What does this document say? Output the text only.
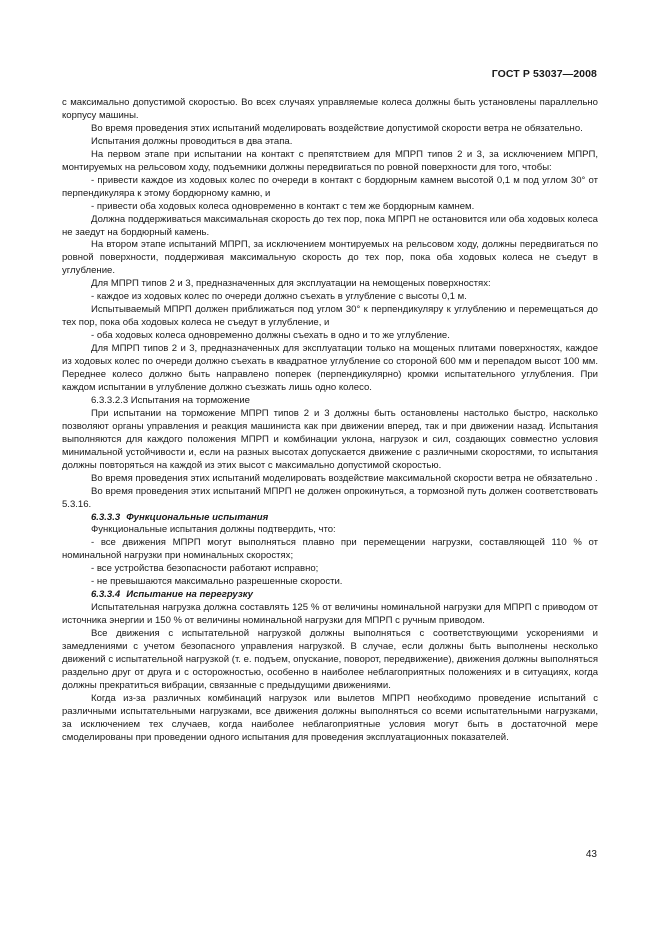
ГОСТ Р 53037—2008

с максимально допустимой скоростью. Во всех случаях управляемые колеса должны быть установлены параллельно корпусу машины.

Во время проведения этих испытаний моделировать воздействие допустимой скорости ветра не обязательно.

Испытания должны проводиться в два этапа.

На первом этапе при испытании на контакт с препятствием для МПРП типов 2 и 3, за исключением МПРП, монтируемых на рельсовом ходу, подъемники должны передвигаться по ровной поверхности для того, чтобы:

- привести каждое из ходовых колес по очереди в контакт с бордюрным камнем высотой 0,1 м под углом 30° от перпендикуляра к этому бордюрному камню, и

- привести оба ходовых колеса одновременно в контакт с тем же бордюрным камнем.

Должна поддерживаться максимальная скорость до тех пор, пока МПРП не остановится или оба ходовых колеса не заедут на бордюрный камень.

На втором этапе испытаний МПРП, за исключением монтируемых на рельсовом ходу, должны передвигаться по ровной поверхности, поддерживая максимальную скорость до тех пор, пока оба ходовых колеса не съедут в углубление.

Для МПРП типов 2 и 3, предназначенных для эксплуатации на немощеных поверхностях:

- каждое из ходовых колес по очереди должно съехать в углубление с высоты 0,1 м.

Испытываемый МПРП должен приближаться под углом 30° к перпендикуляру к углублению и перемещаться до тех пор, пока оба ходовых колеса не съедут в углубление, и

- оба ходовых колеса одновременно должны съехать в одно и то же углубление.

Для МПРП типов 2 и 3, предназначенных для эксплуатации только на мощеных плитами поверхностях, каждое из ходовых колес по очереди должно съехать в квадратное углубление со стороной 600 мм и перепадом высот 100 мм. Переднее колесо должно быть направлено поперек (перпендикулярно) кромки испытательного углубления. При каждом испытании в углубление должно съезжать лишь одно колесо.

6.3.3.2.3 Испытания на торможение

При испытании на торможение МПРП типов 2 и 3 должны быть остановлены настолько быстро, насколько позволяют органы управления и реакция машиниста как при движении вперед, так и при движении назад. Испытания выполняются для каждого положения МПРП и комбинации уклона, нагрузок и сил, создающих совместно условия минимальной устойчивости и, если на разных высотах допускается движение с различными скоростями, то испытания должны повторяться на каждой из этих высот с максимально допустимой скоростью.

Во время проведения этих испытаний моделировать воздействие максимальной скорости ветра не обязательно .

Во время проведения этих испытаний МПРП не должен опрокинуться, а тормозной путь должен соответствовать 5.3.16.

6.3.3.3 Функциональные испытания

Функциональные испытания должны подтвердить, что:

- все движения МПРП могут выполняться плавно при перемещении нагрузки, составляющей 110 % от номинальной нагрузки при номинальных скоростях;

- все устройства безопасности работают исправно;

- не превышаются максимально разрешенные скорости.

6.3.3.4 Испытание на перегрузку

Испытательная нагрузка должна составлять 125 % от величины номинальной нагрузки для МПРП с приводом от источника энергии и 150 % от величины номинальной нагрузки для МПРП с ручным приводом.

Все движения с испытательной нагрузкой должны выполняться с соответствующими ускорениями и замедлениями с учетом безопасного управления нагрузкой. В случае, если должны быть выполнены несколько движений с испытательной нагрузкой (т. е. подъем, опускание, поворот, передвижение), движения должны выполняться раздельно друг от друга и с осторожностью, особенно в наиболее неблагоприятных положениях и в ситуациях, когда должны прекратиться вибрации, связанные с предыдущими движениями.

Когда из-за различных комбинаций нагрузок или вылетов МПРП необходимо проведение испытаний с различными испытательными нагрузками, все движения должны выполняться со всеми испытательными нагрузками, за исключением тех случаев, когда наиболее неблагоприятные условия могут быть в достаточной мере смоделированы при проведении одного испытания для проведения эксплуатационных показателей.

43
